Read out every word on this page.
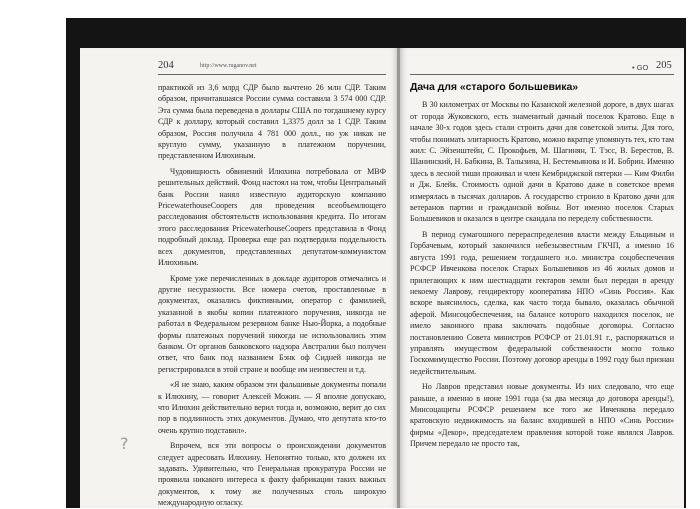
204	http://www.ruganov.net

практикой из 3,6 млрд СДР было вычтено 26 млн СДР. Таким образом, причитавшаяся России сумма составила 3 574 000 СДР. Эта сумма была переведена в доллары США по тогдашнему курсу СДР к доллару, который составил 1,3375 долл за 1 СДР. Таким образом, Россия получила 4 781 000 долл., но уж никак не круглую сумму, указанную в платежном поручении, представленном Илюхиным.

Чудовищность обвинений Илюхина потребовала от МВФ решительных действий. Фонд настоял на том, чтобы Центральный банк России нанял известную аудиторскую компанию PricewaterhouseCoopers для проведения всеобъемлющего расследования обстоятельств использования кредита. По итогам этого расследования PricewaterhouseCoopers представила в Фонд подробный доклад. Проверка еще раз подтвердила поддельность всех документов, представленных депутатом-коммунистом Илюхиным.

Кроме уже перечисленных в докладе аудиторов отмечались и другие несуразности. Все номера счетов, проставленные в документах, оказались фиктивными, оператор с фамилией, указанной в якобы копии платежного поручения, никогда не работал в Федеральном резервном банке Нью-Йорка, а подобные формы платежных поручений никогда не использовались этим банком. От органов банковского надзора Австралии был получен ответ, что банк под названием Бэнк оф Сидней никогда не регистрировался в этой стране и вообще им неизвестен и т.д.

«Я не знаю, каким образом эти фальшивые документы попали к Илюхину, — говорит Алексей Можин. — Я вполне допускаю, что Илюхин действительно верил тогда и, возможно, верит до сих пор в подлинность этих документов. Думаю, что депутата кто-то очень крупно подставил».

Впрочем, вся эти вопросы о происхождении документов следует адресовать Илюхину. Непонятно только, кто должен их задавать. Удивительно, что Генеральная прокуратура России не проявила никакого интереса к факту фабрикации таких важных документов, к тому же полученных столь широкую международную огласку.

?
• GO 205
Дача для «старого большевика»

В 30 километрах от Москвы по Казанской железной дороге, в двух шагах от города Жуковского, есть знаменитый дачный поселок Кратово. Еще в начале 30-х годов здесь стали строить дачи для советской элиты. Для того, чтобы понимать элитарность Кратово, можно вкратце упомянуть тех, кто там жил: С. Эйзенштейн, С. Прокофьев, М. Шагинян, Т. Тэсс, В. Берестов, В. Шанинский, Н. Бабкина, В. Талызина, Н. Бестемьянова и И. Бобрин. Именно здесь в лесной тиши проживал и член Кембриджской пятерки — Ким Филби и Дж. Блейк. Стоимость одной дачи в Кратово даже в советское время измерялась в тысячах долларов. А государство строило в Кратово дачи для ветеранов партии и гражданской войны. Вот именно поселок Старых Большевиков и оказался в центре скандала по переделу собственности.

В период сумагошного перераспределения власти между Ельциным и Горбачевым, который закончился небезызвестным ГКЧП, а именно 16 августа 1991 года, решением тогдашнего и.о. министра соцобеспечения РСФСР Ивченкова поселок Старых Большевиков из 46 жилых домов и прилегающих к ним шестнадцати гектаров земли был передан в аренду некоему Лаврову, гендиректору кооператива НПО «Синь Россия». Как вскоре выяснилось, сделка, как часто тогда бывало, оказалась обычной аферой. Минсоцобеспечения, на балансе которого находился поселок, не имело законного права заключать подобные договоры. Согласно постановлению Совета министров РСФСР от 21.01.91 г., распоряжаться и управлять имуществом федеральной собственности могло только Госкомимущество России. Поэтому договор аренды в 1992 году был признан недействительным.

Но Лавров представил новые документы. Из них следовало, что еще раньше, а именно в июне 1991 года (за два месяца до договора аренды!), Минсоцащиты РСФСР решением все того же Ивченкова передало кратовскую недвижимость на баланс входившей в НПО «Синь России» фирмы «Декор», председателем правления которой тоже являлся Лавров. Причем передало не просто так,
